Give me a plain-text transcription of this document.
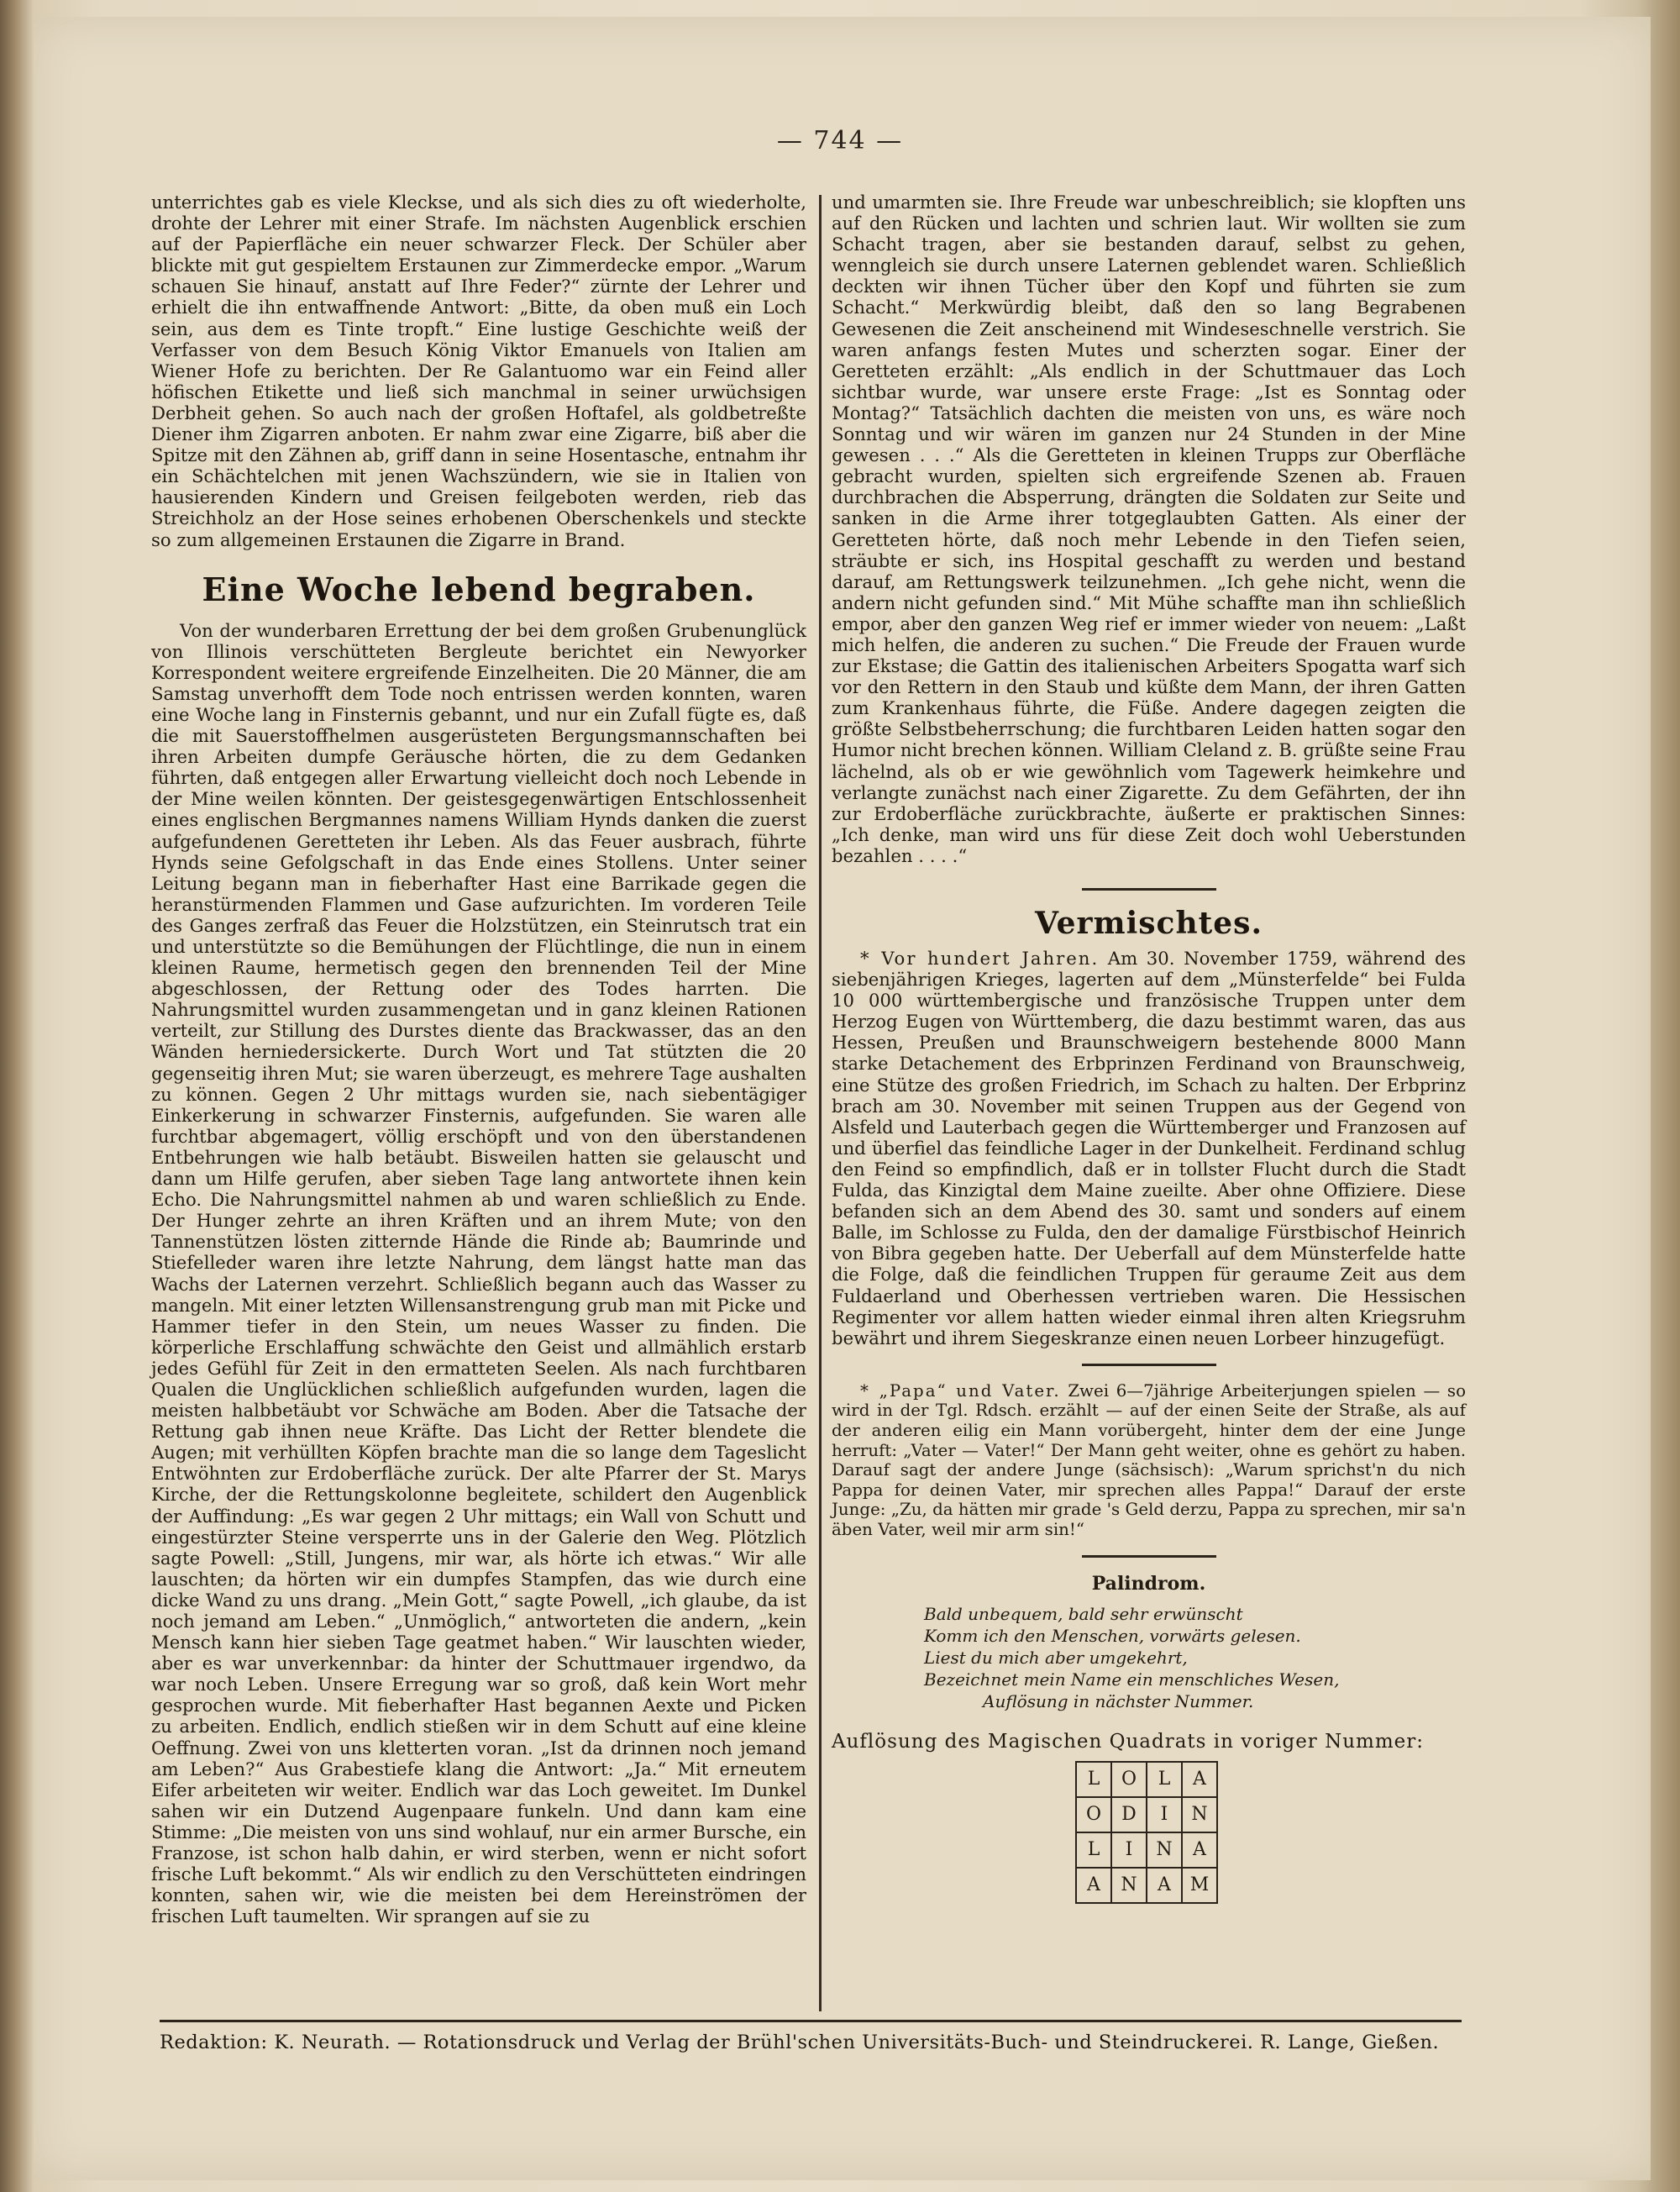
— 744 —

unterrichtes gab es viele Kleckse, und als sich dies zu oft wiederholte, drohte der Lehrer mit einer Strafe. Im nächsten Augenblick erschien auf der Papierfläche ein neuer schwarzer Fleck. Der Schüler aber blickte mit gut gespieltem Erstaunen zur Zimmerdecke empor. „Warum schauen Sie hinauf, anstatt auf Ihre Feder?“ zürnte der Lehrer und erhielt die ihn entwaffnende Antwort: „Bitte, da oben muß ein Loch sein, aus dem es Tinte tropft.“ Eine lustige Geschichte weiß der Verfasser von dem Besuch König Viktor Emanuels von Italien am Wiener Hofe zu berichten. Der Re Galantuomo war ein Feind aller höfischen Etikette und ließ sich manchmal in seiner urwüchsigen Derbheit gehen. So auch nach der großen Hoftafel, als goldbetreßte Diener ihm Zigarren anboten. Er nahm zwar eine Zigarre, biß aber die Spitze mit den Zähnen ab, griff dann in seine Hosentasche, entnahm ihr ein Schächtelchen mit jenen Wachszündern, wie sie in Italien von hausierenden Kindern und Greisen feilgeboten werden, rieb das Streichholz an der Hose seines erhobenen Oberschenkels und steckte so zum allgemeinen Erstaunen die Zigarre in Brand.

Eine Woche lebend begraben.

Von der wunderbaren Errettung der bei dem großen Grubenunglück von Illinois verschütteten Bergleute berichtet ein Newyorker Korrespondent weitere ergreifende Einzelheiten. Die 20 Männer, die am Samstag unverhofft dem Tode noch entrissen werden konnten, waren eine Woche lang in Finsternis gebannt, und nur ein Zufall fügte es, daß die mit Sauerstoffhelmen ausgerüsteten Bergungsmannschaften bei ihren Arbeiten dumpfe Geräusche hörten, die zu dem Gedanken führten, daß entgegen aller Erwartung vielleicht doch noch Lebende in der Mine weilen könnten. Der geistesgegenwärtigen Entschlossenheit eines englischen Bergmannes namens William Hynds danken die zuerst aufgefundenen Geretteten ihr Leben. Als das Feuer ausbrach, führte Hynds seine Gefolgschaft in das Ende eines Stollens. Unter seiner Leitung begann man in fieberhafter Hast eine Barrikade gegen die heranstürmenden Flammen und Gase aufzurichten. Im vorderen Teile des Ganges zerfraß das Feuer die Holzstützen, ein Steinrutsch trat ein und unterstützte so die Bemühungen der Flüchtlinge, die nun in einem kleinen Raume, hermetisch gegen den brennenden Teil der Mine abgeschlossen, der Rettung oder des Todes harrten. Die Nahrungsmittel wurden zusammengetan und in ganz kleinen Rationen verteilt, zur Stillung des Durstes diente das Brackwasser, das an den Wänden herniedersickerte. Durch Wort und Tat stützten die 20 gegenseitig ihren Mut; sie waren überzeugt, es mehrere Tage aushalten zu können. Gegen 2 Uhr mittags wurden sie, nach siebentägiger Einkerkerung in schwarzer Finsternis, aufgefunden. Sie waren alle furchtbar abgemagert, völlig erschöpft und von den überstandenen Entbehrungen wie halb betäubt. Bisweilen hatten sie gelauscht und dann um Hilfe gerufen, aber sieben Tage lang antwortete ihnen kein Echo. Die Nahrungsmittel nahmen ab und waren schließlich zu Ende. Der Hunger zehrte an ihren Kräften und an ihrem Mute; von den Tannenstützen lösten zitternde Hände die Rinde ab; Baumrinde und Stiefelleder waren ihre letzte Nahrung, dem längst hatte man das Wachs der Laternen verzehrt. Schließlich begann auch das Wasser zu mangeln. Mit einer letzten Willensanstrengung grub man mit Picke und Hammer tiefer in den Stein, um neues Wasser zu finden. Die körperliche Erschlaffung schwächte den Geist und allmählich erstarb jedes Gefühl für Zeit in den ermatteten Seelen. Als nach furchtbaren Qualen die Unglücklichen schließlich aufgefunden wurden, lagen die meisten halbbetäubt vor Schwäche am Boden. Aber die Tatsache der Rettung gab ihnen neue Kräfte. Das Licht der Retter blendete die Augen; mit verhüllten Köpfen brachte man die so lange dem Tageslicht Entwöhnten zur Erdoberfläche zurück. Der alte Pfarrer der St. Marys Kirche, der die Rettungskolonne begleitete, schildert den Augenblick der Auffindung: „Es war gegen 2 Uhr mittags; ein Wall von Schutt und eingestürzter Steine versperrte uns in der Galerie den Weg. Plötzlich sagte Powell: „Still, Jungens, mir war, als hörte ich etwas.“ Wir alle lauschten; da hörten wir ein dumpfes Stampfen, das wie durch eine dicke Wand zu uns drang. „Mein Gott,“ sagte Powell, „ich glaube, da ist noch jemand am Leben.“ „Unmöglich,“ antworteten die andern, „kein Mensch kann hier sieben Tage geatmet haben.“ Wir lauschten wieder, aber es war unverkennbar: da hinter der Schuttmauer irgendwo, da war noch Leben. Unsere Erregung war so groß, daß kein Wort mehr gesprochen wurde. Mit fieberhafter Hast begannen Aexte und Picken zu arbeiten. Endlich, endlich stießen wir in dem Schutt auf eine kleine Oeffnung. Zwei von uns kletterten voran. „Ist da drinnen noch jemand am Leben?“ Aus Grabestiefe klang die Antwort: „Ja.“ Mit erneutem Eifer arbeiteten wir weiter. Endlich war das Loch geweitet. Im Dunkel sahen wir ein Dutzend Augenpaare funkeln. Und dann kam eine Stimme: „Die meisten von uns sind wohlauf, nur ein armer Bursche, ein Franzose, ist schon halb dahin, er wird sterben, wenn er nicht sofort frische Luft bekommt.“ Als wir endlich zu den Verschütteten eindringen konnten, sahen wir, wie die meisten bei dem Hereinströmen der frischen Luft taumelten. Wir sprangen auf sie zu

und umarmten sie. Ihre Freude war unbeschreiblich; sie klopften uns auf den Rücken und lachten und schrien laut. Wir wollten sie zum Schacht tragen, aber sie bestanden darauf, selbst zu gehen, wenngleich sie durch unsere Laternen geblendet waren. Schließlich deckten wir ihnen Tücher über den Kopf und führten sie zum Schacht.“ Merkwürdig bleibt, daß den so lang Begrabenen Gewesenen die Zeit anscheinend mit Windeseschnelle verstrich. Sie waren anfangs festen Mutes und scherzten sogar. Einer der Geretteten erzählt: „Als endlich in der Schuttmauer das Loch sichtbar wurde, war unsere erste Frage: „Ist es Sonntag oder Montag?“ Tatsächlich dachten die meisten von uns, es wäre noch Sonntag und wir wären im ganzen nur 24 Stunden in der Mine gewesen . . .“ Als die Geretteten in kleinen Trupps zur Oberfläche gebracht wurden, spielten sich ergreifende Szenen ab. Frauen durchbrachen die Absperrung, drängten die Soldaten zur Seite und sanken in die Arme ihrer totgeglaubten Gatten. Als einer der Geretteten hörte, daß noch mehr Lebende in den Tiefen seien, sträubte er sich, ins Hospital geschafft zu werden und bestand darauf, am Rettungswerk teilzunehmen. „Ich gehe nicht, wenn die andern nicht gefunden sind.“ Mit Mühe schaffte man ihn schließlich empor, aber den ganzen Weg rief er immer wieder von neuem: „Laßt mich helfen, die anderen zu suchen.“ Die Freude der Frauen wurde zur Ekstase; die Gattin des italienischen Arbeiters Spogatta warf sich vor den Rettern in den Staub und küßte dem Mann, der ihren Gatten zum Krankenhaus führte, die Füße. Andere dagegen zeigten die größte Selbstbeherrschung; die furchtbaren Leiden hatten sogar den Humor nicht brechen können. William Cleland z. B. grüßte seine Frau lächelnd, als ob er wie gewöhnlich vom Tagewerk heimkehre und verlangte zunächst nach einer Zigarette. Zu dem Gefährten, der ihn zur Erdoberfläche zurückbrachte, äußerte er praktischen Sinnes: „Ich denke, man wird uns für diese Zeit doch wohl Ueberstunden bezahlen . . . .“

Vermischtes.

* Vor hundert Jahren. Am 30. November 1759, während des siebenjährigen Krieges, lagerten auf dem „Münsterfelde“ bei Fulda 10 000 württembergische und französische Truppen unter dem Herzog Eugen von Württemberg, die dazu bestimmt waren, das aus Hessen, Preußen und Braunschweigern bestehende 8000 Mann starke Detachement des Erbprinzen Ferdinand von Braunschweig, eine Stütze des großen Friedrich, im Schach zu halten. Der Erbprinz brach am 30. November mit seinen Truppen aus der Gegend von Alsfeld und Lauterbach gegen die Württemberger und Franzosen auf und überfiel das feindliche Lager in der Dunkelheit. Ferdinand schlug den Feind so empfindlich, daß er in tollster Flucht durch die Stadt Fulda, das Kinzigtal dem Maine zueilte. Aber ohne Offiziere. Diese befanden sich an dem Abend des 30. samt und sonders auf einem Balle, im Schlosse zu Fulda, den der damalige Fürstbischof Heinrich von Bibra gegeben hatte. Der Ueberfall auf dem Münsterfelde hatte die Folge, daß die feindlichen Truppen für geraume Zeit aus dem Fuldaerland und Oberhessen vertrieben waren. Die Hessischen Regimenter vor allem hatten wieder einmal ihren alten Kriegsruhm bewährt und ihrem Siegeskranze einen neuen Lorbeer hinzugefügt.

* „Papa“ und Vater. Zwei 6—7jährige Arbeiterjungen spielen — so wird in der Tgl. Rdsch. erzählt — auf der einen Seite der Straße, als auf der anderen eilig ein Mann vorübergeht, hinter dem der eine Junge herruft: „Vater — Vater!“ Der Mann geht weiter, ohne es gehört zu haben. Darauf sagt der andere Junge (sächsisch): „Warum sprichst'n du nich Pappa for deinen Vater, mir sprechen alles Pappa!“ Darauf der erste Junge: „Zu, da hätten mir grade 's Geld derzu, Pappa zu sprechen, mir sa'n äben Vater, weil mir arm sin!“

Palindrom.
Bald unbequem, bald sehr erwünscht
Komm ich den Menschen, vorwärts gelesen.
Liest du mich aber umgekehrt,
Bezeichnet mein Name ein menschliches Wesen,
Auflösung in nächster Nummer.
Auflösung des Magischen Quadrats in voriger Nummer:
L	O	L	A
O	D	I	N
L	I	N	A
A	N	A	M
Redaktion: K. Neurath. — Rotationsdruck und Verlag der Brühl'schen Universitäts-Buch- und Steindruckerei. R. Lange, Gießen.
